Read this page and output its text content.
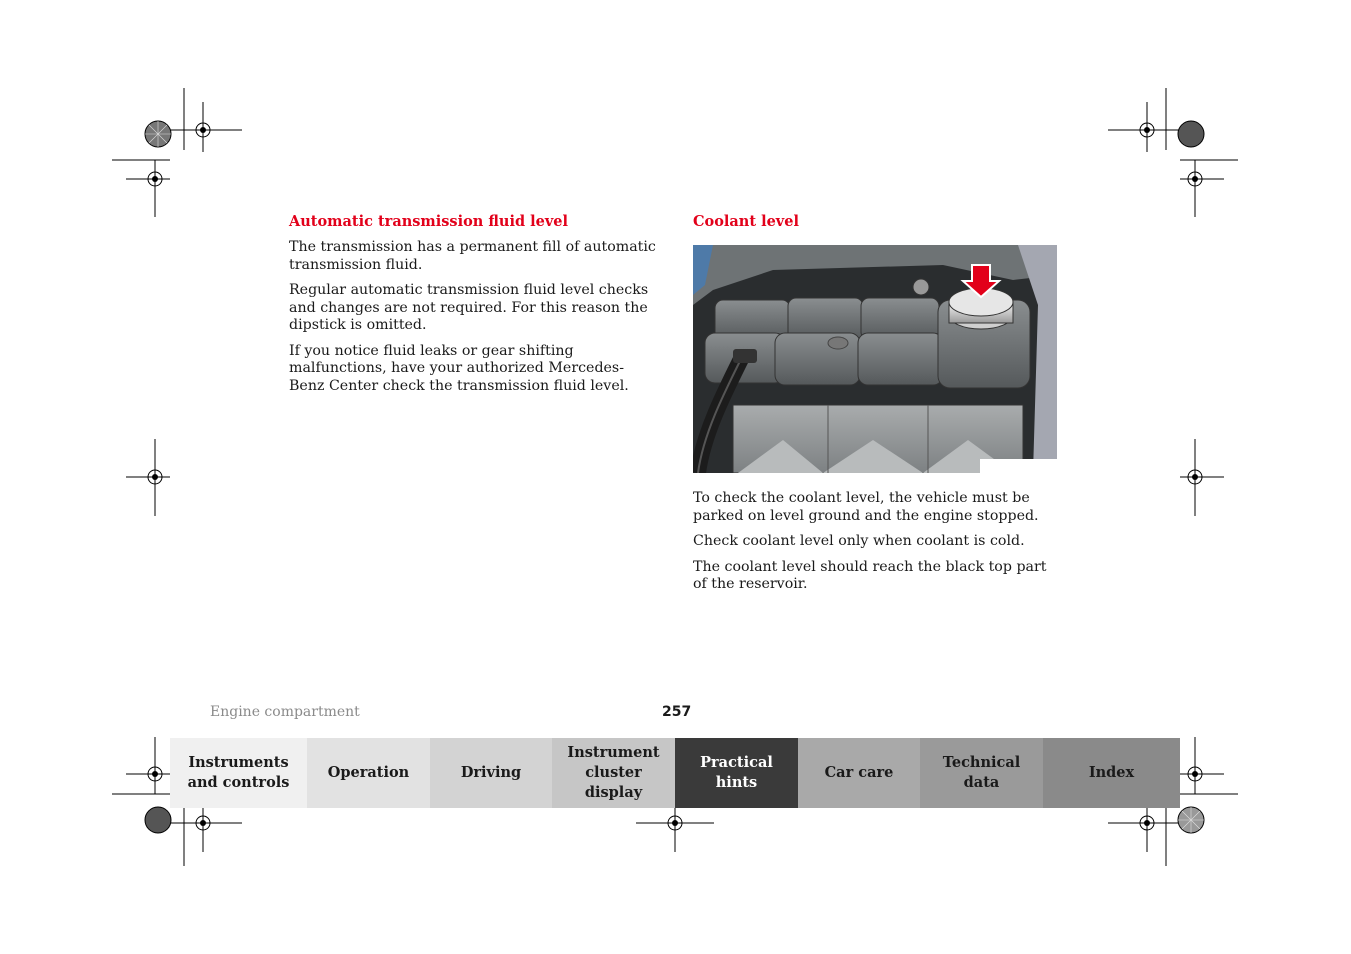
Automatic transmission fluid level

The transmission has a permanent fill of automatic transmission fluid.

Regular automatic transmission fluid level checks and changes are not required. For this reason the dipstick is omitted.

If you notice fluid leaks or gear shifting malfunctions, have your authorized Mercedes-Benz Center check the transmission fluid level.

Coolant level

To check the coolant level, the vehicle must be parked on level ground and the engine stopped.

Check coolant level only when coolant is cold.

The coolant level should reach the black top part of the reservoir.

Engine compartment	257
Instruments
and controls
Operation	Driving
Instrument
cluster display
Practical hints
Car care
Technical
data
Index
